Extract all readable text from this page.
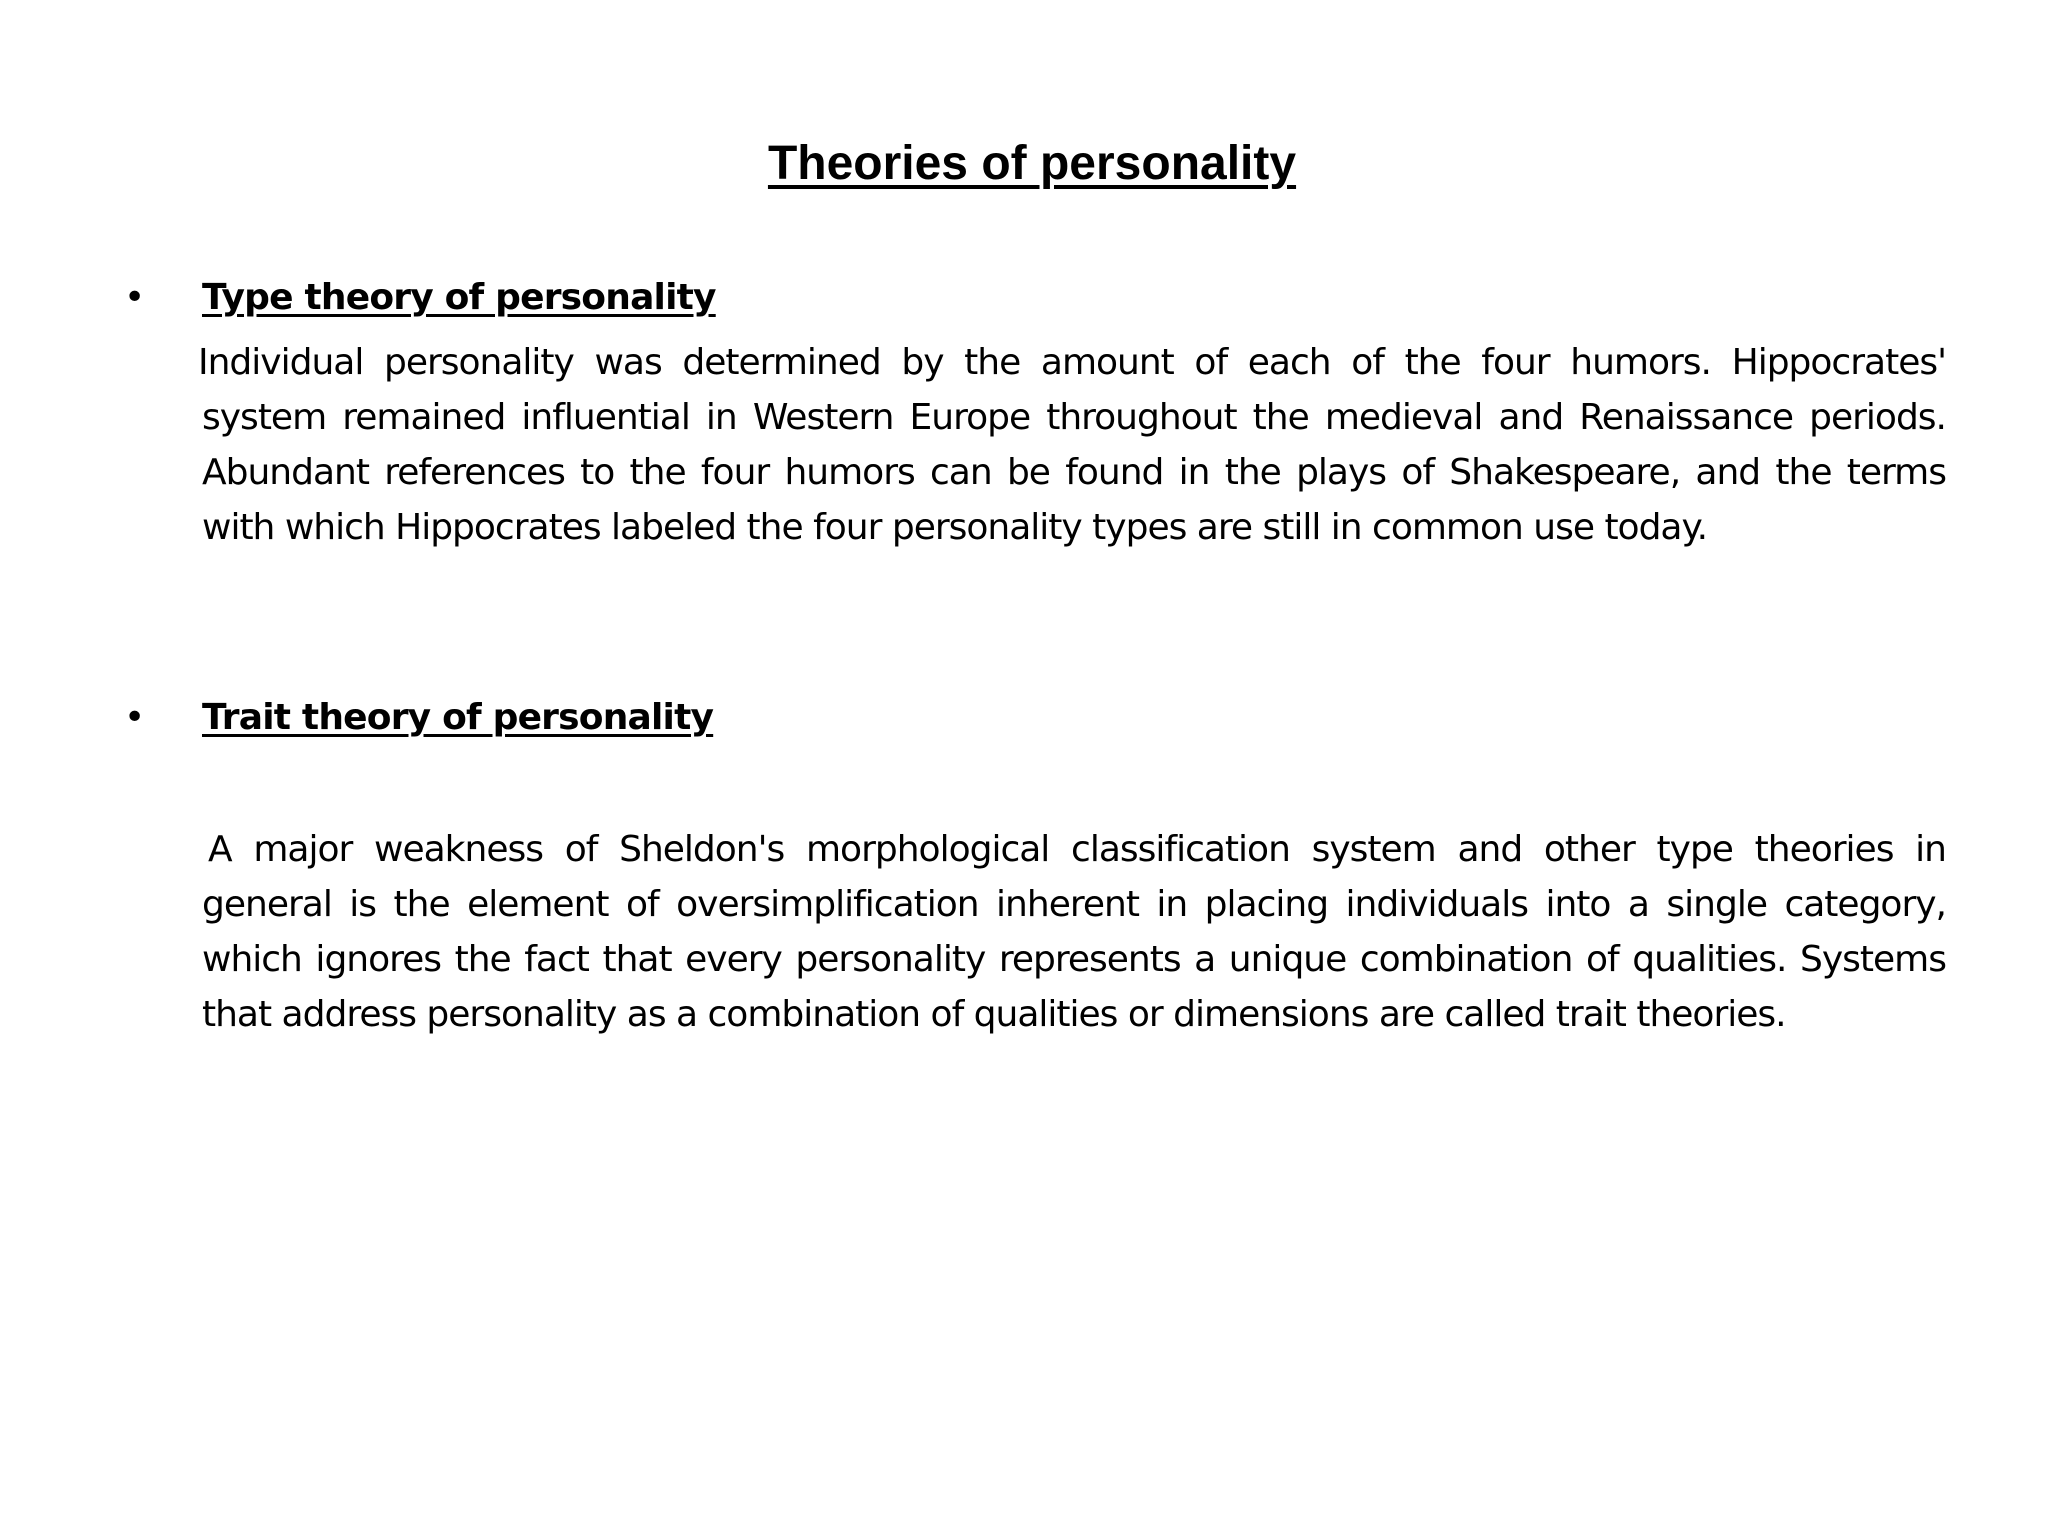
Theories of personality
• Type theory of personality

Individual personality was determined by the amount of each of the four humors. Hippocrates' system remained influential in Western Europe throughout the medieval and Renaissance periods. Abundant references to the four humors can be found in the plays of Shakespeare, and the terms with which Hippocrates labeled the four personality types are still in common use today.

• Trait theory of personality

A major weakness of Sheldon's morphological classification system and other type theories in general is the element of oversimplification inherent in placing individuals into a single category, which ignores the fact that every personality represents a unique combination of qualities. Systems that address personality as a combination of qualities or dimensions are called trait theories.
